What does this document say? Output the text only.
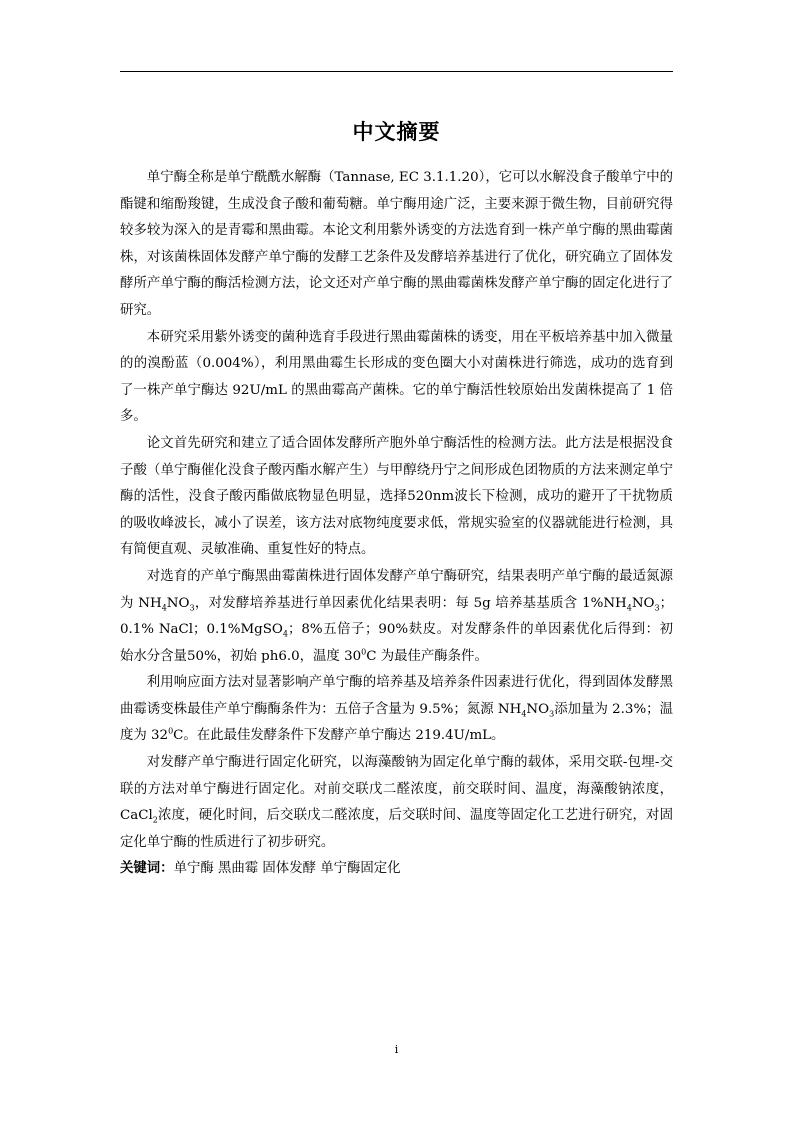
中文摘要

单宁酶全称是单宁酰酰水解酶（Tannase, EC 3.1.1.20），它可以水解没食子酸单宁中的酯键和缩酚羧键，生成没食子酸和葡萄糖。单宁酶用途广泛，主要来源于微生物，目前研究得较多较为深入的是青霉和黑曲霉。本论文利用紫外诱变的方法选育到一株产单宁酶的黑曲霉菌株，对该菌株固体发酵产单宁酶的发酵工艺条件及发酵培养基进行了优化，研究确立了固体发酵所产单宁酶的酶活检测方法，论文还对产单宁酶的黑曲霉菌株发酵产单宁酶的固定化进行了研究。

本研究采用紫外诱变的菌种选育手段进行黑曲霉菌株的诱变，用在平板培养基中加入微量的的溴酚蓝（0.004%），利用黑曲霉生长形成的变色圈大小对菌株进行筛选，成功的选育到了一株产单宁酶达 92U/mL 的黑曲霉高产菌株。它的单宁酶活性较原始出发菌株提高了 1 倍多。

论文首先研究和建立了适合固体发酵所产胞外单宁酶活性的检测方法。此方法是根据没食子酸（单宁酶催化没食子酸丙酯水解产生）与甲醇绕丹宁之间形成色团物质的方法来测定单宁酶的活性，没食子酸丙酯做底物显色明显，选择520nm波长下检测，成功的避开了干扰物质的吸收峰波长，减小了误差，该方法对底物纯度要求低，常规实验室的仪器就能进行检测，具有简便直观、灵敏准确、重复性好的特点。

对选育的产单宁酶黑曲霉菌株进行固体发酵产单宁酶研究，结果表明产单宁酶的最适氮源为 $NH_4NO_3$，对发酵培养基进行单因素优化结果表明：每 5g 培养基基质含 $1\%NH_4NO_3$；0.1% NaCl；0.1%MgSO$_4$；8%五倍子；90%麸皮。对发酵条件的单因素优化后得到：初始水分含量50%，初始 ph6.0，温度 $30^0C$ 为最佳产酶条件。

利用响应面方法对显著影响产单宁酶的培养基及培养条件因素进行优化，得到固体发酵黑曲霉诱变株最佳产单宁酶酶条件为：五倍子含量为 9.5%；氮源 $NH_4NO_3$添加量为 2.3%；温度为 $32^0C$。在此最佳发酵条件下发酵产单宁酶达 219.4U/mL。

对发酵产单宁酶进行固定化研究，以海藻酸钠为固定化单宁酶的载体，采用交联-包埋-交联的方法对单宁酶进行固定化。对前交联戊二醛浓度，前交联时间、温度，海藻酸钠浓度，CaCl$_2$浓度，硬化时间，后交联戊二醛浓度，后交联时间、温度等固定化工艺进行研究，对固定化单宁酶的性质进行了初步研究。

关键词：单宁酶 黑曲霉 固体发酵 单宁酶固定化
i
